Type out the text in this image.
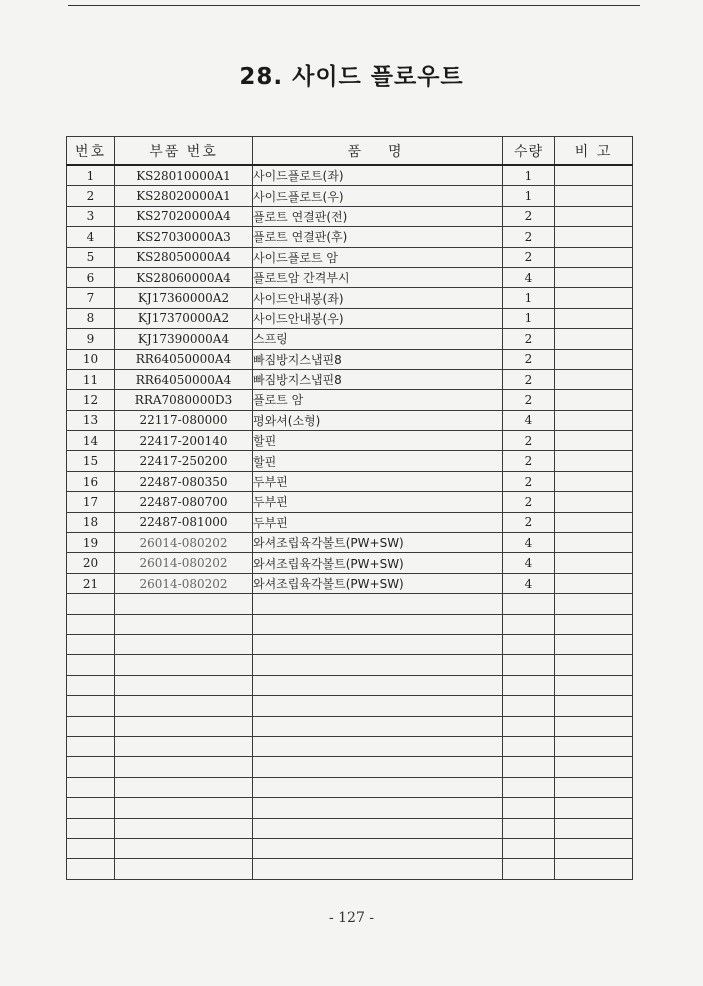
28. 사이드 플로우트
번호	부품 번호	품  명	수량	비 고
1	KS28010000A1	사이드플로트(좌)	1	
2	KS28020000A1	사이드플로트(우)	1	
3	KS27020000A4	플로트 연결판(전)	2	
4	KS27030000A3	플로트 연결판(후)	2	
5	KS28050000A4	사이드플로트 암	2	
6	KS28060000A4	플로트암 간격부시	4	
7	KJ17360000A2	사이드안내봉(좌)	1	
8	KJ17370000A2	사이드안내봉(우)	1	
9	KJ17390000A4	스프링	2	
10	RR64050000A4	빠짐방지스냅핀8	2	
11	RR64050000A4	빠짐방지스냅핀8	2	
12	RRA7080000D3	플로트 암	2	
13	22117-080000	평와셔(소형)	4	
14	22417-200140	할핀	2	
15	22417-250200	할핀	2	
16	22487-080350	두부핀	2	
17	22487-080700	두부핀	2	
18	22487-081000	두부핀	2	
19	26014-080202	와셔조립육각볼트(PW+SW)	4	
20	26014-080202	와셔조립육각볼트(PW+SW)	4	
21	26014-080202	와셔조립육각볼트(PW+SW)	4	

- 127 -
